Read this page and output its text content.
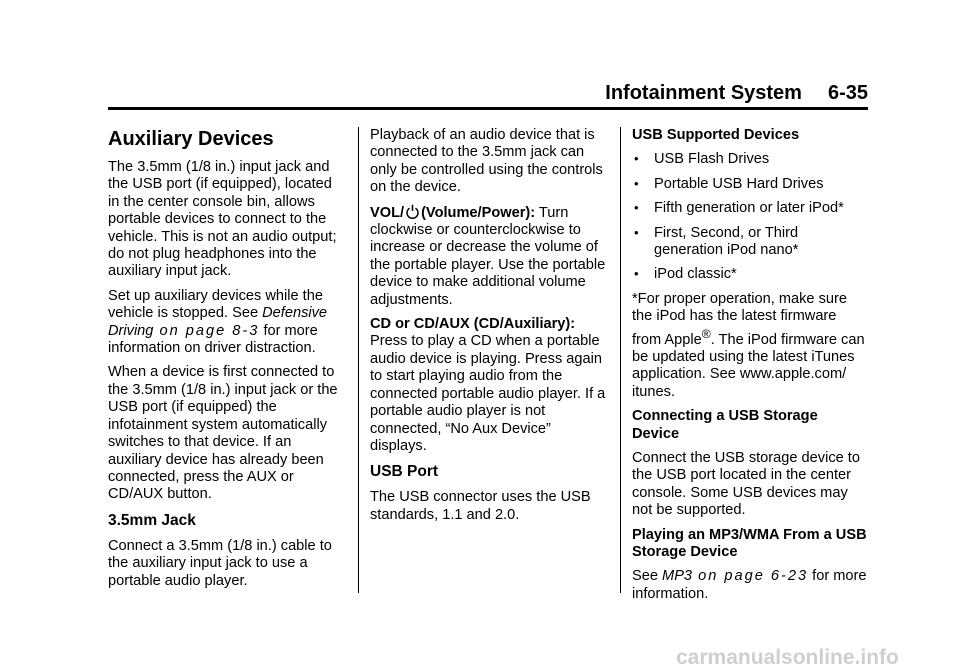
Infotainment System 6-35
Auxiliary Devices

The 3.5mm (1/8 in.) input jack and the USB port (if equipped), located in the center console bin, allows portable devices to connect to the vehicle. This is not an audio output; do not plug headphones into the auxiliary input jack.

Set up auxiliary devices while the vehicle is stopped. See Defensive Driving on page 8-3 for more information on driver distraction.

When a device is first connected to the 3.5mm (1/8 in.) input jack or the USB port (if equipped) the infotainment system automatically switches to that device. If an auxiliary device has already been connected, press the AUX or CD/AUX button.

3.5mm Jack

Connect a 3.5mm (1/8 in.) cable to the auxiliary input jack to use a portable audio player.

Playback of an audio device that is connected to the 3.5mm jack can only be controlled using the controls on the device.

VOL/ (Volume/Power): Turn clockwise or counterclockwise to increase or decrease the volume of the portable player. Use the portable device to make additional volume adjustments.

CD or CD/AUX (CD/Auxiliary):
Press to play a CD when a portable audio device is playing. Press again to start playing audio from the connected portable audio player. If a portable audio player is not connected, “No Aux Device” displays.

USB Port

The USB connector uses the USB standards, 1.1 and 2.0.

USB Supported Devices

• USB Flash Drives
• Portable USB Hard Drives
• Fifth generation or later iPod*
• First, Second, or Third generation iPod nano*
• iPod classic*

*For proper operation, make sure the iPod has the latest firmware from Apple®. The iPod firmware can be updated using the latest iTunes application. See www.apple.com/ itunes.

Connecting a USB Storage Device

Connect the USB storage device to the USB port located in the center console. Some USB devices may not be supported.

Playing an MP3/WMA From a USB Storage Device

See MP3 on page 6-23 for more information.

carmanualsonline.info
